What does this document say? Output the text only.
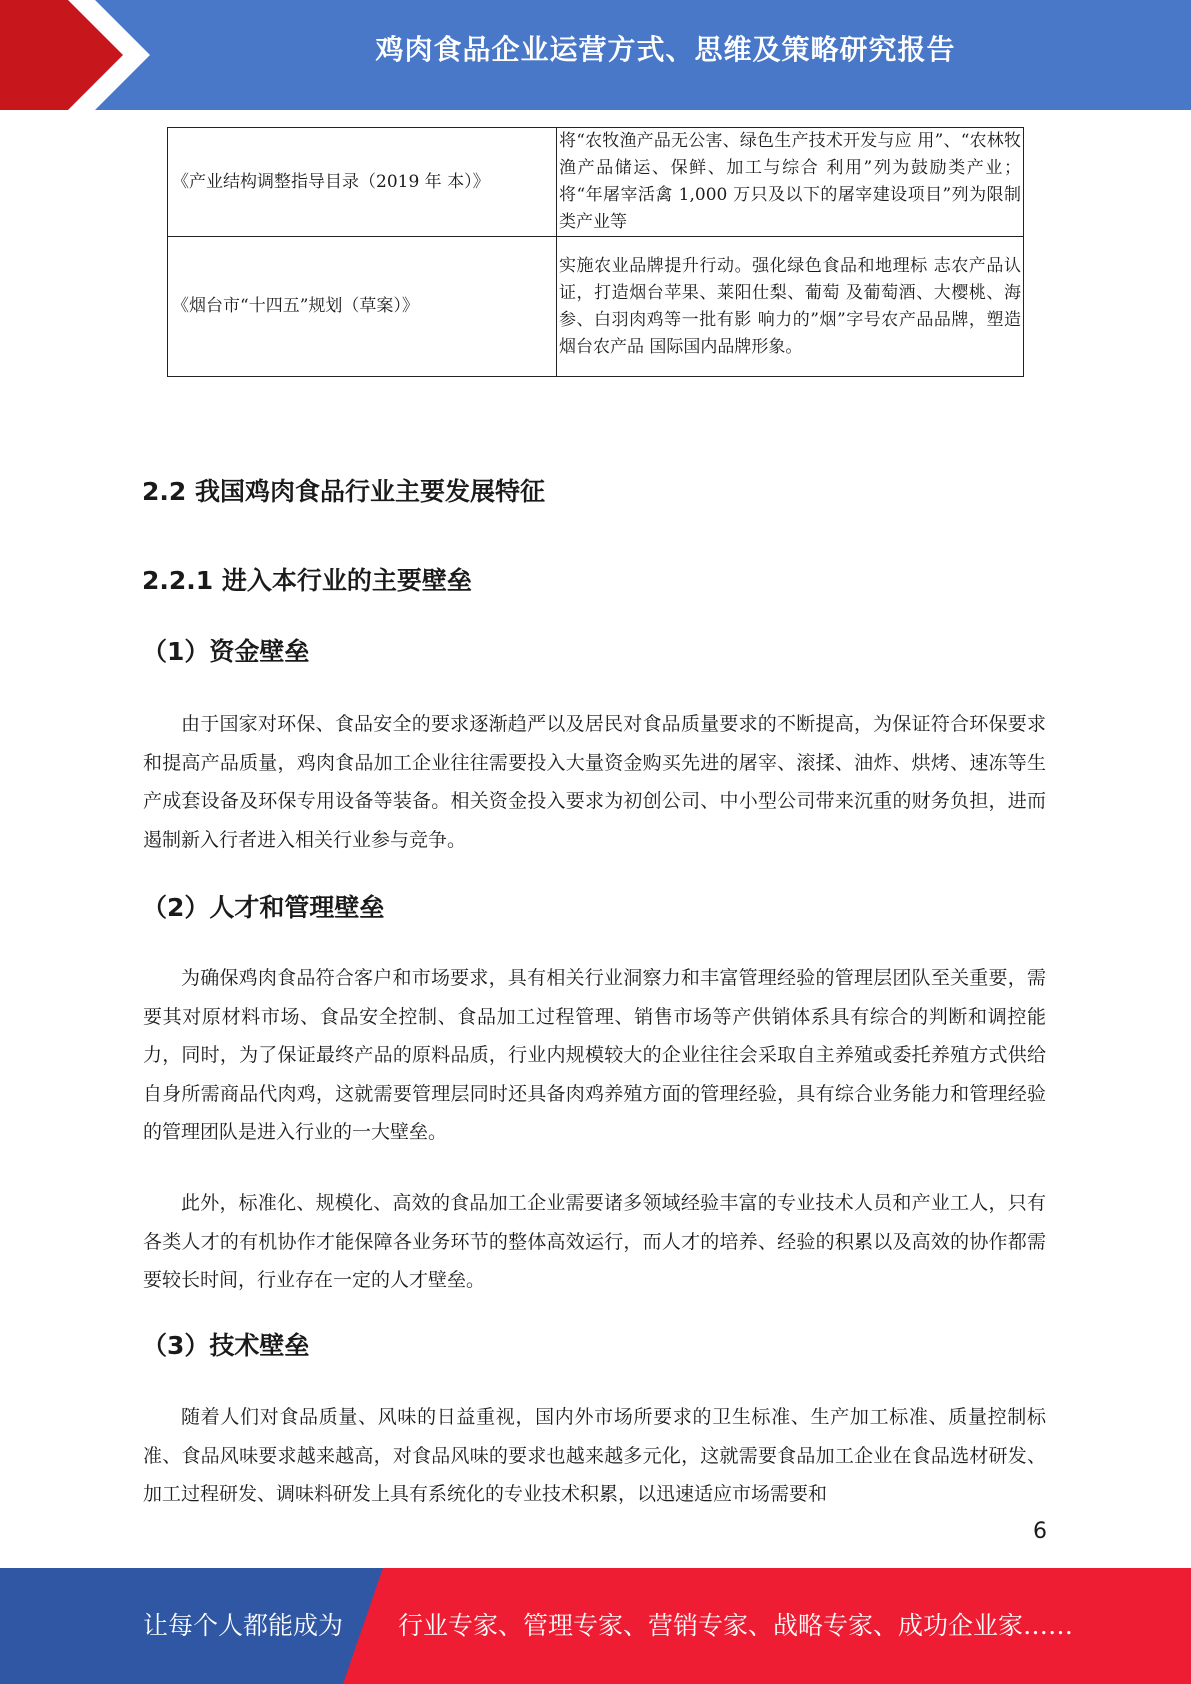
鸡肉食品企业运营方式、思维及策略研究报告
《产业结构调整指导目录（2019 年 本）》	将“农牧渔产品无公害、绿色生产技术开发与应 用”、“农林牧渔产品储运、保鲜、加工与综合 利用”列为鼓励类产业；将“年屠宰活禽 1,000 万只及以下的屠宰建设项目”列为限制类产业等
《烟台市“十四五”规划（草案）》	实施农业品牌提升行动。强化绿色食品和地理标 志农产品认证，打造烟台苹果、莱阳仕梨、葡萄 及葡萄酒、大樱桃、海参、白羽肉鸡等一批有影 响力的”烟”字号农产品品牌，塑造烟台农产品 国际国内品牌形象。
2.2 我国鸡肉食品行业主要发展特征
2.2.1 进入本行业的主要壁垒
（1）资金壁垒

由于国家对环保、食品安全的要求逐渐趋严以及居民对食品质量要求的不断提高，为保证符合环保要求和提高产品质量，鸡肉食品加工企业往往需要投入大量资金购买先进的屠宰、滚揉、油炸、烘烤、速冻等生产成套设备及环保专用设备等装备。相关资金投入要求为初创公司、中小型公司带来沉重的财务负担，进而遏制新入行者进入相关行业参与竞争。

（2）人才和管理壁垒

为确保鸡肉食品符合客户和市场要求，具有相关行业洞察力和丰富管理经验的管理层团队至关重要，需要其对原材料市场、食品安全控制、食品加工过程管理、销售市场等产供销体系具有综合的判断和调控能力，同时，为了保证最终产品的原料品质，行业内规模较大的企业往往会采取自主养殖或委托养殖方式供给自身所需商品代肉鸡，这就需要管理层同时还具备肉鸡养殖方面的管理经验，具有综合业务能力和管理经验的管理团队是进入行业的一大壁垒。

此外，标准化、规模化、高效的食品加工企业需要诸多领域经验丰富的专业技术人员和产业工人，只有各类人才的有机协作才能保障各业务环节的整体高效运行，而人才的培养、经验的积累以及高效的协作都需要较长时间，行业存在一定的人才壁垒。

（3）技术壁垒

随着人们对食品质量、风味的日益重视，国内外市场所要求的卫生标准、生产加工标准、质量控制标准、食品风味要求越来越高，对食品风味的要求也越来越多元化，这就需要食品加工企业在食品选材研发、加工过程研发、调味料研发上具有系统化的专业技术积累，以迅速适应市场需要和

6
让每个人都能成为 行业专家、管理专家、营销专家、战略专家、成功企业家……
